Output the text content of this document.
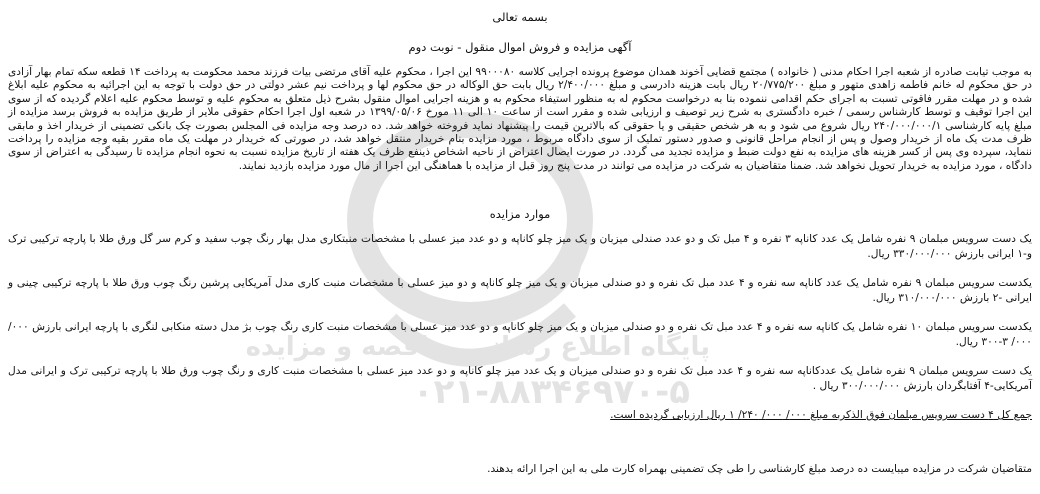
بسمه تعالی
آگهی مزایده و فروش اموال منقول - نوبت دوم

به موجب تیابت صادره از شعبه اجرا احکام مدنی ( خانواده ) مجتمع قضایی آخوند همدان موضوع پرونده اجرایی کلاسه ۹۹۰۰۰۸۰ این اجرا ، محکوم علیه آقای مرتضی بیات فرزند محمد محکومت به پرداخت ۱۴ قطعه سکه تمام بهار آزادی در حق محکوم له خانم فاطمه زاهدی متهور و مبلغ ۲۰/۷۷۵/۲۰۰ ریال بابت هزینه دادرسی و مبلغ ۲/۴۰۰/۰۰۰ ریال بابت حق الوکاله در حق محکوم لها و پرداخت نیم عشر دولتی در حق دولت با توجه به این اجرائیه به محکوم علیه ابلاغ شده و در مهلت مقرر فاقوتی تسبت به اجرای حکم اقدامی ننموده بنا به درخواست محکوم له به منظور استیفاء محکوم به و هزینه اجرایی اموال منقول بشرح ذیل متعلق به محکوم علیه و توسط محکوم علیه اعلام گردیده که از سوی این اجرا توقیف و توسط کارشناس رسمی / خبره دادگستری به شرح زیر توصیف و ارزیابی شده و مقرر است از ساعت ۱۰ الی ۱۱ مورخ ۱۳۹۹/۰۵/۰۶ در شعبه اول اجرا احکام حقوقی ملایر از طریق مزایده به فروش برسد مزایده از مبلغ پایه کارشناسی ۲۴۰/۰۰۰/۰۰۰/۱ ریال شروع می شود و به هر شخص حقیقی و یا حقوقی که بالاترین قیمت را پیشنهاد نماید فروخته خواهد شد. ده درصد وجه مزایده فی المجلس بصورت چک بانکی تضمینی از خریدار اخذ و مابقی ظرف مدت یک ماه از خریدار وصول و پس از انجام مراحل قانونی و صدور دستور تملیک از سوی دادگاه مربوط ، مورد مزایده بنام خریدار منتقل خواهد شد، در صورتی که خریدار در مهلت یک ماه مقرر بقیه وجه مزایده را پرداخت ننماید، سپرده وی پس از کسر هزینه های مزایده به نفع دولت ضبط و مزایده تجدید می گردد. در صورت ایصال اعتراض از ناحیه اشخاص ذینفع ظرف یک هفته از تاریخ مزایده نسبت به نحوه انجام مزایده تا رسیدگی به اعتراض از سوی دادگاه ، مورد مزایده به خریدار تحویل نخواهد شد. ضمنا متقاضیان به شرکت در مزایده می توانند در مدت پنج روز قبل از مزایده با هماهنگی این اجرا از مال مورد مزایده بازدید نمایند.

موارد مزایده

یک دست سرویس مبلمان ۹ نفره شامل یک عدد کاناپه ۳ نفره و ۴ مبل تک و دو عدد صندلی میزبان و یک میز چلو کاناپه و دو عدد میز عسلی با مشخصات منبتکاری مدل بهار رنگ چوب سفید و کرم سر گل ورق طلا با پارچه ترکیبی ترک و-۱ ایرانی بارزش ۳۳۰/۰۰۰/۰۰۰ ریال.

یکدست سرویس مبلمان ۹ نفره شامل یک عدد کاناپه سه نفره و ۴ عدد مبل تک نفره و دو صندلی میزبان و یک میز چلو کاناپه و دو میز عسلی با مشخصات منبت کاری مدل آمریکایی پرشین رنگ چوب ورق طلا با پارچه ترکیبی چینی و ایرانی -۲ بارزش ۳۱۰/۰۰۰/۰۰۰ ریال.

یکدست سرویس مبلمان ۱۰ نفره شامل یک کاناپه سه نفره و ۴ عدد مبل تک نفره و دو صندلی میزبان و یک میز چلو کاناپه و دو عدد میز عسلی با مشخصات منبت کاری رنگ چوب بژ مدل دسته منکابی لنگری با پارچه ایرانی بارزش ۰۰۰/ ۰۰۰/ ۳-۳۰۰ ریال.

یک دست سرویس مبلمان ۹ نفره شامل یک عددکاناپه سه نفره و ۴ عدد مبل تک نفره و دو صندلی میزبان و یک عدد میز چلو کاناپه و دو عدد میز عسلی با مشخصات منبت کاری و رنگ چوب ورق طلا با پارچه ترکیبی ترک و ایرانی مدل آمریکایی-۴ آفتابگردان بارزش ۳۰۰/۰۰۰/۰۰۰ ریال .

جمع کل ۴ دست سرویس مبلمان فوق الذکربه مبلغ ۰۰۰/ ۰۰۰/ ۲۴۰/ ۱ ریال ارزیابی گردیده است.

متقاضیان شرکت در مزایده میبایست ده درصد مبلغ کارشناسی را طی چک تضمینی بهمراه کارت ملی به این اجرا ارائه بدهند.

پایگاه اطلاع رسانی مناقصه و مزایده
۰۲۱-۸۸۳۴۶۹۷۰-۵
